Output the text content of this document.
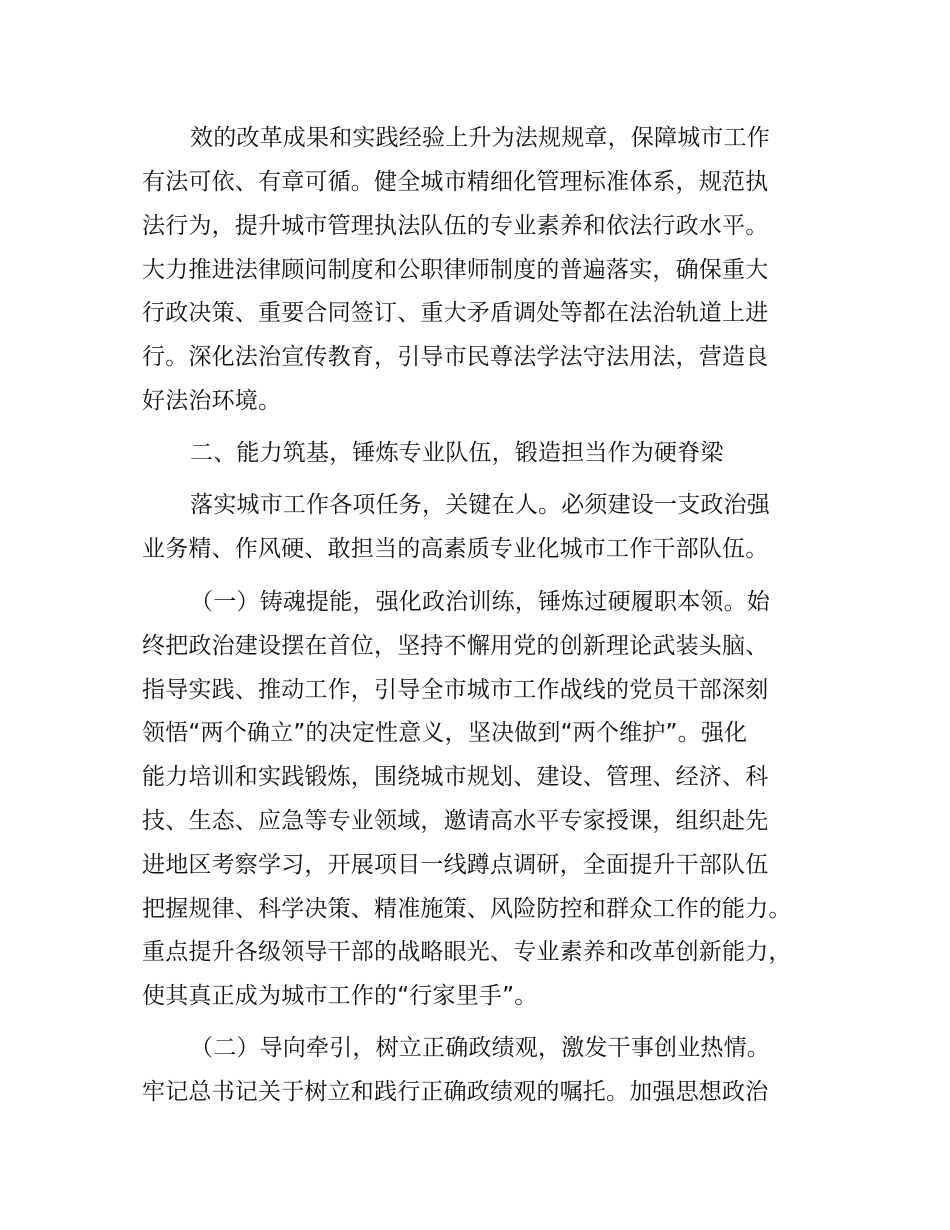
效的改革成果和实践经验上升为法规规章，保障城市工作
有法可依、有章可循。健全城市精细化管理标准体系，规范执
法行为，提升城市管理执法队伍的专业素养和依法行政水平。
大力推进法律顾问制度和公职律师制度的普遍落实，确保重大
行政决策、重要合同签订、重大矛盾调处等都在法治轨道上进
行。深化法治宣传教育，引导市民尊法学法守法用法，营造良
好法治环境。
二、能力筑基，锤炼专业队伍，锻造担当作为硬脊梁
落实城市工作各项任务，关键在人。必须建设一支政治强
业务精、作风硬、敢担当的高素质专业化城市工作干部队伍。
（一）铸魂提能，强化政治训练，锤炼过硬履职本领。始
终把政治建设摆在首位，坚持不懈用党的创新理论武装头脑、
指导实践、推动工作，引导全市城市工作战线的党员干部深刻
领悟“两个确立”的决定性意义，坚决做到“两个维护”。强化
能力培训和实践锻炼，围绕城市规划、建设、管理、经济、科
技、生态、应急等专业领域，邀请高水平专家授课，组织赴先
进地区考察学习，开展项目一线蹲点调研，全面提升干部队伍
把握规律、科学决策、精准施策、风险防控和群众工作的能力。
重点提升各级领导干部的战略眼光、专业素养和改革创新能力，
使其真正成为城市工作的“行家里手”。
（二）导向牵引，树立正确政绩观，激发干事创业热情。
牢记总书记关于树立和践行正确政绩观的嘱托。加强思想政治
